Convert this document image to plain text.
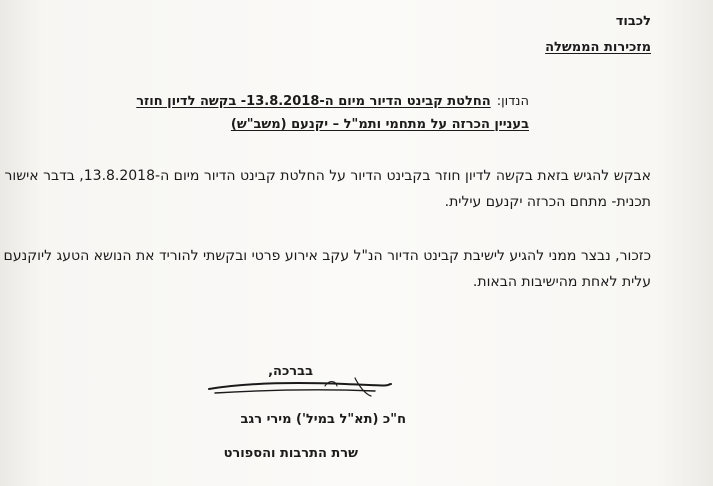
לכבוד
מזכירות הממשלה
הנדון:החלטת קבינט הדיור מיום ה-13.8.2018- בקשה לדיון חוזר
בעניין הכרזה על מתחמי ותמ"ל – יקנעם (משב"ש)
אבקש להגיש בזאת בקשה לדיון חוזר בקבינט הדיור על החלטת קבינט הדיור מיום ה-13.8.2018, בדבר אישור
תכנית- מתחם הכרזה יקנעם עילית.
כזכור, נבצר ממני להגיע לישיבת קבינט הדיור הנ"ל עקב אירוע פרטי ובקשתי להוריד את הנושא הטעג ליוקנעם
עלית לאחת מהישיבות הבאות.
בברכה,
ח"כ (תא"ל במיל') מירי רגב
שרת התרבות והספורט
